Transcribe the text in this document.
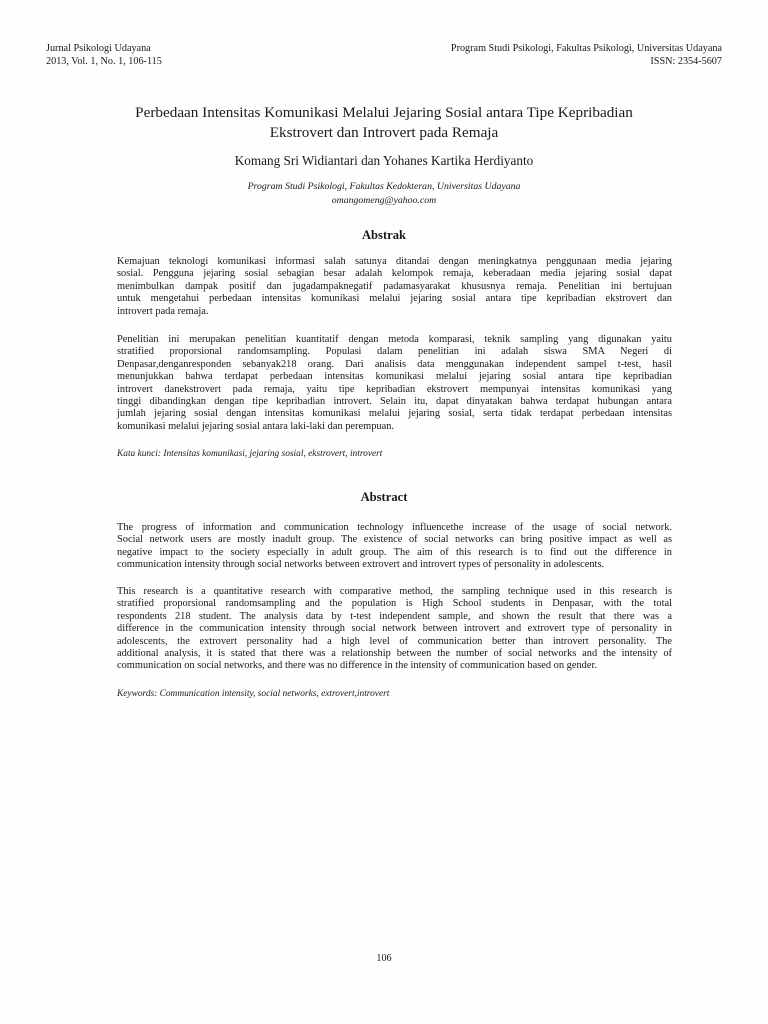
Jurnal Psikologi Udayana
2013, Vol. 1, No. 1, 106-115
Program Studi Psikologi, Fakultas Psikologi, Universitas Udayana
ISSN: 2354-5607
Perbedaan Intensitas Komunikasi Melalui Jejaring Sosial antara Tipe Kepribadian
Ekstrovert dan Introvert pada Remaja
Komang Sri Widiantari dan Yohanes Kartika Herdiyanto
Program Studi Psikologi, Fakultas Kedokteran, Universitas Udayana
omangomeng@yahoo.com
Abstrak
Kemajuan teknologi komunikasi informasi salah satunya ditandai dengan meningkatnya penggunaan media jejaring
sosial. Pengguna jejaring sosial sebagian besar adalah kelompok remaja, keberadaan media jejaring sosial dapat
menimbulkan dampak positif dan jugadampaknegatif padamasyarakat khususnya remaja. Penelitian ini bertujuan
untuk mengetahui perbedaan intensitas komunikasi melalui jejaring sosial antara tipe kepribadian ekstrovert dan
introvert pada remaja.
Penelitian ini merupakan penelitian kuantitatif dengan metoda komparasi, teknik sampling yang digunakan yaitu
stratified proporsional randomsampling. Populasi dalam penelitian ini adalah siswa SMA Negeri di
Denpasar,denganresponden sebanyak218 orang. Dari analisis data menggunakan independent sampel t-test, hasil
menunjukkan bahwa terdapat perbedaan intensitas komunikasi melalui jejaring sosial antara tipe kepribadian
introvert danekstrovert pada remaja, yaitu tipe kepribadian ekstrovert mempunyai intensitas komunikasi yang
tinggi dibandingkan dengan tipe kepribadian introvert. Selain itu, dapat dinyatakan bahwa terdapat hubungan antara
jumlah jejaring sosial dengan intensitas komunikasi melalui jejaring sosial, serta tidak terdapat perbedaan intensitas
komunikasi melalui jejaring sosial antara laki-laki dan perempuan.
Kata kunci: Intensitas komunikasi, jejaring sosial, ekstrovert, introvert
Abstract
The progress of information and communication technology influencethe increase of the usage of social network.
Social network users are mostly inadult group. The existence of social networks can bring positive impact as well as
negative impact to the society especially in adult group. The aim of this research is to find out the difference in
communication intensity through social networks between extrovert and introvert types of personality in adolescents.
This research is a quantitative research with comparative method, the sampling technique used in this research is
stratified proporsional randomsampling and the population is High School students in Denpasar, with the total
respondents 218 student. The analysis data by t-test independent sample, and shown the result that there was a
difference in the communication intensity through social network between introvert and extrovert type of personality in
adolescents, the extrovert personality had a high level of communication better than introvert personality. The
additional analysis, it is stated that there was a relationship between the number of social networks and the intensity of
communication on social networks, and there was no difference in the intensity of communication based on gender.
Keywords: Communication intensity, social networks, extrovert,introvert
106
